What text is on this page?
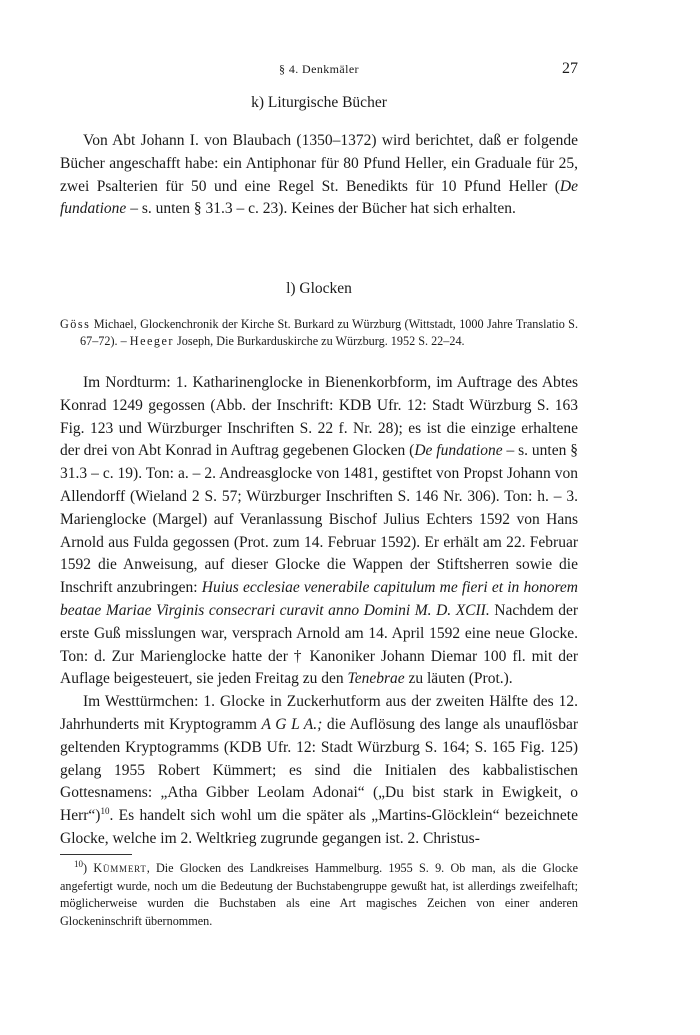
§ 4. Denkmäler	27
k) Liturgische Bücher

Von Abt Johann I. von Blaubach (1350–1372) wird berichtet, daß er folgende Bücher angeschafft habe: ein Antiphonar für 80 Pfund Heller, ein Graduale für 25, zwei Psalterien für 50 und eine Regel St. Benedikts für 10 Pfund Heller (De fundatione – s. unten § 31.3 – c. 23). Keines der Bücher hat sich erhalten.

l) Glocken
Göss Michael, Glockenchronik der Kirche St. Burkard zu Würzburg (Wittstadt, 1000 Jahre Translatio S. 67–72). – Heeger Joseph, Die Burkarduskirche zu Würzburg. 1952 S. 22–24.

Im Nordturm: 1. Katharinenglocke in Bienenkorbform, im Auftrage des Abtes Konrad 1249 gegossen (Abb. der Inschrift: KDB Ufr. 12: Stadt Würzburg S. 163 Fig. 123 und Würzburger Inschriften S. 22 f. Nr. 28); es ist die einzige erhaltene der drei von Abt Konrad in Auftrag gegebenen Glocken (De fundatione – s. unten § 31.3 – c. 19). Ton: a. – 2. Andreasglocke von 1481, gestiftet von Propst Johann von Allendorff (Wieland 2 S. 57; Würzburger Inschriften S. 146 Nr. 306). Ton: h. – 3. Marienglocke (Margel) auf Veranlassung Bischof Julius Echters 1592 von Hans Arnold aus Fulda gegossen (Prot. zum 14. Februar 1592). Er erhält am 22. Februar 1592 die Anweisung, auf dieser Glocke die Wappen der Stiftsherren sowie die Inschrift anzubringen: Huius ecclesiae venerabile capitulum me fieri et in honorem beatae Mariae Virginis consecrari curavit anno Domini M. D. XCII. Nachdem der erste Guß misslungen war, versprach Arnold am 14. April 1592 eine neue Glocke. Ton: d. Zur Marienglocke hatte der † Kanoniker Johann Diemar 100 fl. mit der Auflage beigesteuert, sie jeden Freitag zu den Tenebrae zu läuten (Prot.).

Im Westtürmchen: 1. Glocke in Zuckerhutform aus der zweiten Hälfte des 12. Jahrhunderts mit Kryptogramm A G L A.; die Auflösung des lange als unauflösbar geltenden Kryptogramms (KDB Ufr. 12: Stadt Würzburg S. 164; S. 165 Fig. 125) gelang 1955 Robert Kümmert; es sind die Initialen des kabbalistischen Gottesnamens: „Atha Gibber Leolam Adonai“ („Du bist stark in Ewigkeit, o Herr“)$^{10}$. Es handelt sich wohl um die später als „Martins-Glöcklein“ bezeichnete Glocke, welche im 2. Weltkrieg zugrunde gegangen ist. 2. Christus-

$^{10}$) Kümmert, Die Glocken des Landkreises Hammelburg. 1955 S. 9. Ob man, als die Glocke angefertigt wurde, noch um die Bedeutung der Buchstabengruppe gewußt hat, ist allerdings zweifelhaft; möglicherweise wurden die Buchstaben als eine Art magisches Zeichen von einer anderen Glockeninschrift übernommen.
